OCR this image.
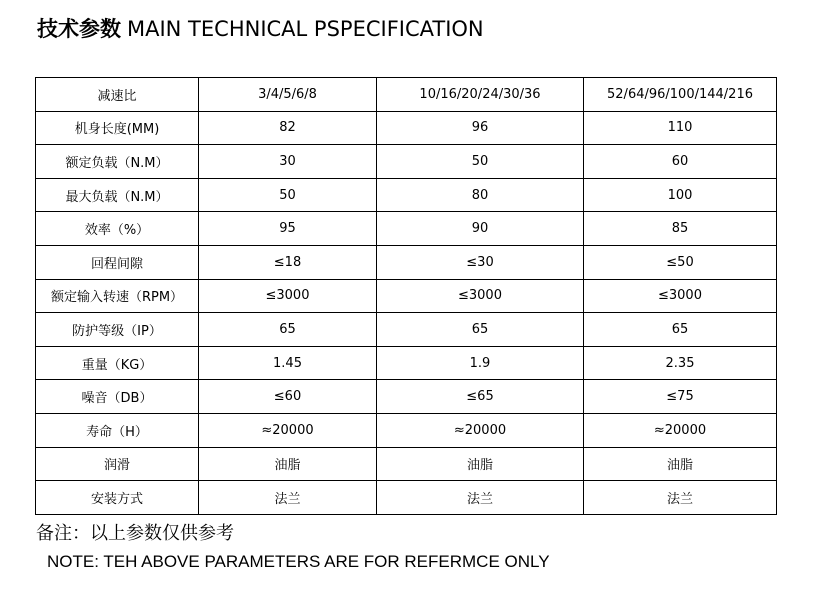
技术参数 MAIN TECHNICAL PSPECIFICATION
减速比	3/4/5/6/8	10/16/20/24/30/36	52/64/96/100/144/216
机身长度(MM)	82	96	110
额定负载（N.M）	30	50	60
最大负载（N.M）	50	80	100
效率（%）	95	90	85
回程间隙	≤18	≤30	≤50
额定输入转速（RPM）	≤3000	≤3000	≤3000
防护等级（IP）	65	65	65
重量（KG）	1.45	1.9	2.35
噪音（DB）	≤60	≤65	≤75
寿命（H）	≈20000	≈20000	≈20000
润滑	油脂	油脂	油脂
安装方式	法兰	法兰	法兰
备注：以上参数仅供参考
NOTE: TEH ABOVE PARAMETERS ARE FOR REFERMCE ONLY
